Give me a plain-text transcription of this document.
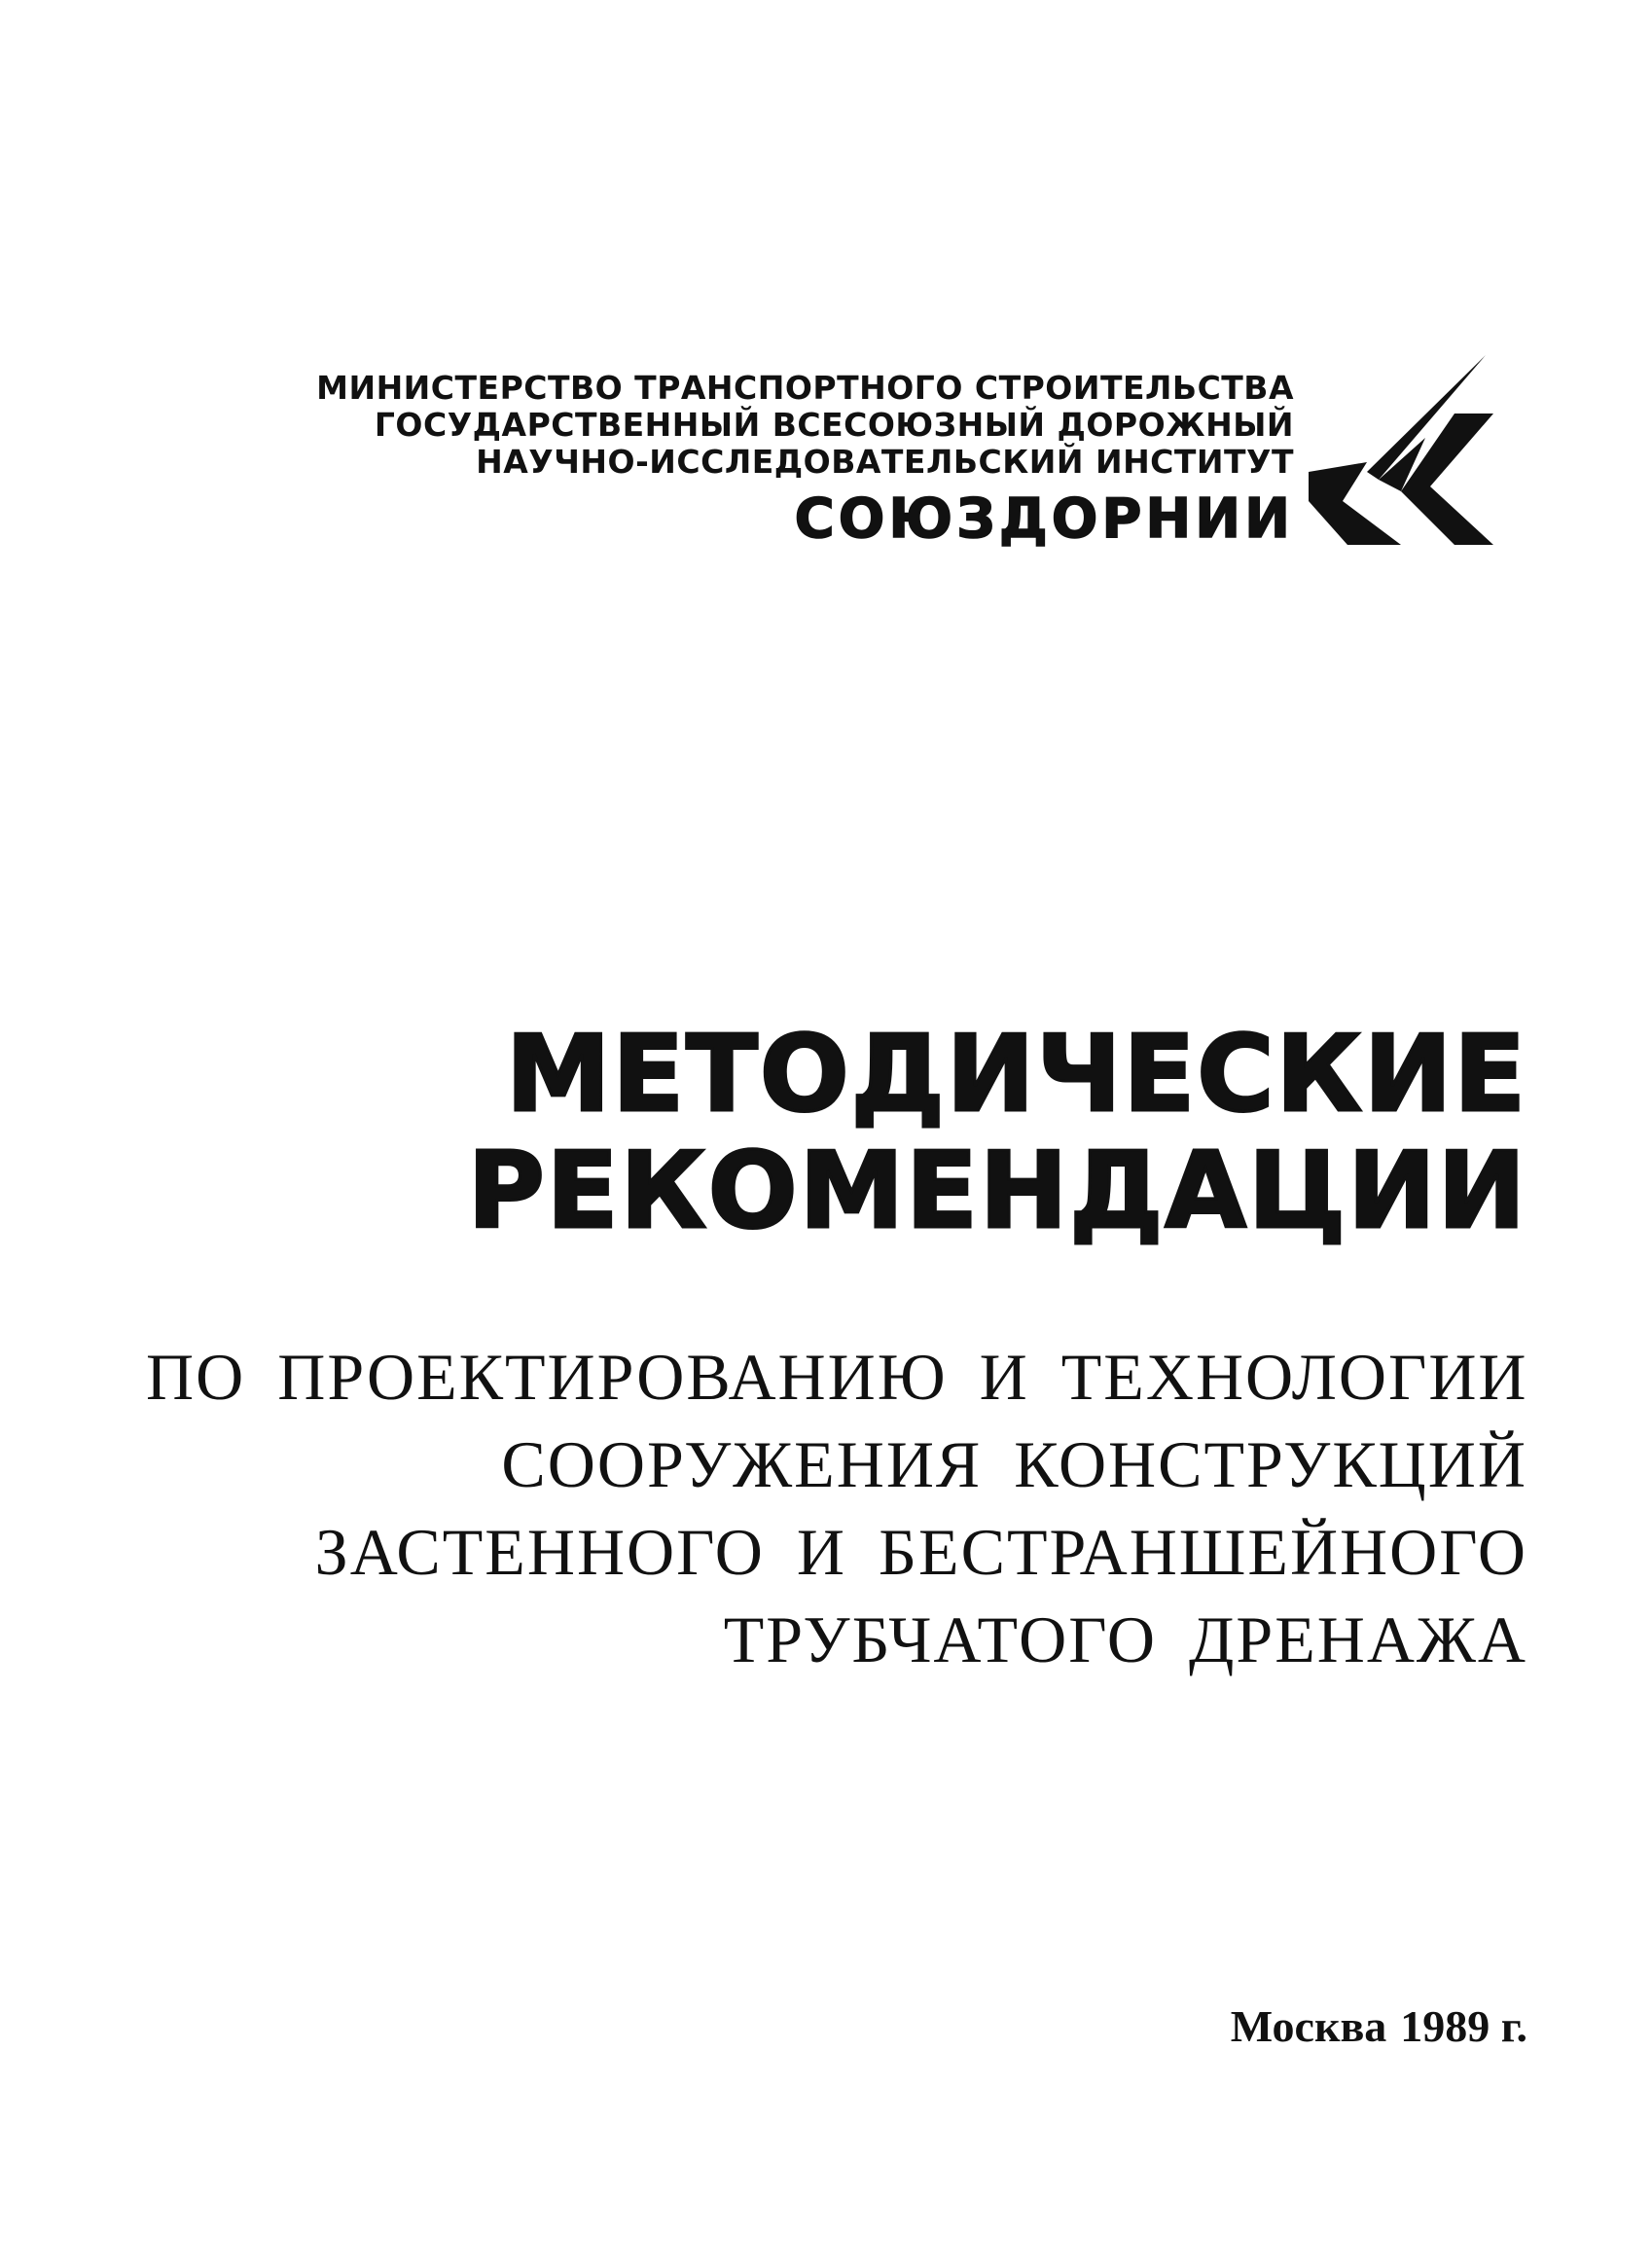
МИНИСТЕРСТВО ТРАНСПОРТНОГО СТРОИТЕЛЬСТВА
ГОСУДАРСТВЕННЫЙ ВСЕСОЮЗНЫЙ ДОРОЖНЫЙ
НАУЧНО-ИССЛЕДОВАТЕЛЬСКИЙ ИНСТИТУТ
СОЮЗДОРНИИ
МЕТОДИЧЕСКИЕ
РЕКОМЕНДАЦИИ
ПО ПРОЕКТИРОВАНИЮ И ТЕХНОЛОГИИ
СООРУЖЕНИЯ КОНСТРУКЦИЙ
ЗАСТЕННОГО И БЕСТРАНШЕЙНОГО
ТРУБЧАТОГО ДРЕНАЖА
Москва 1989 г.
